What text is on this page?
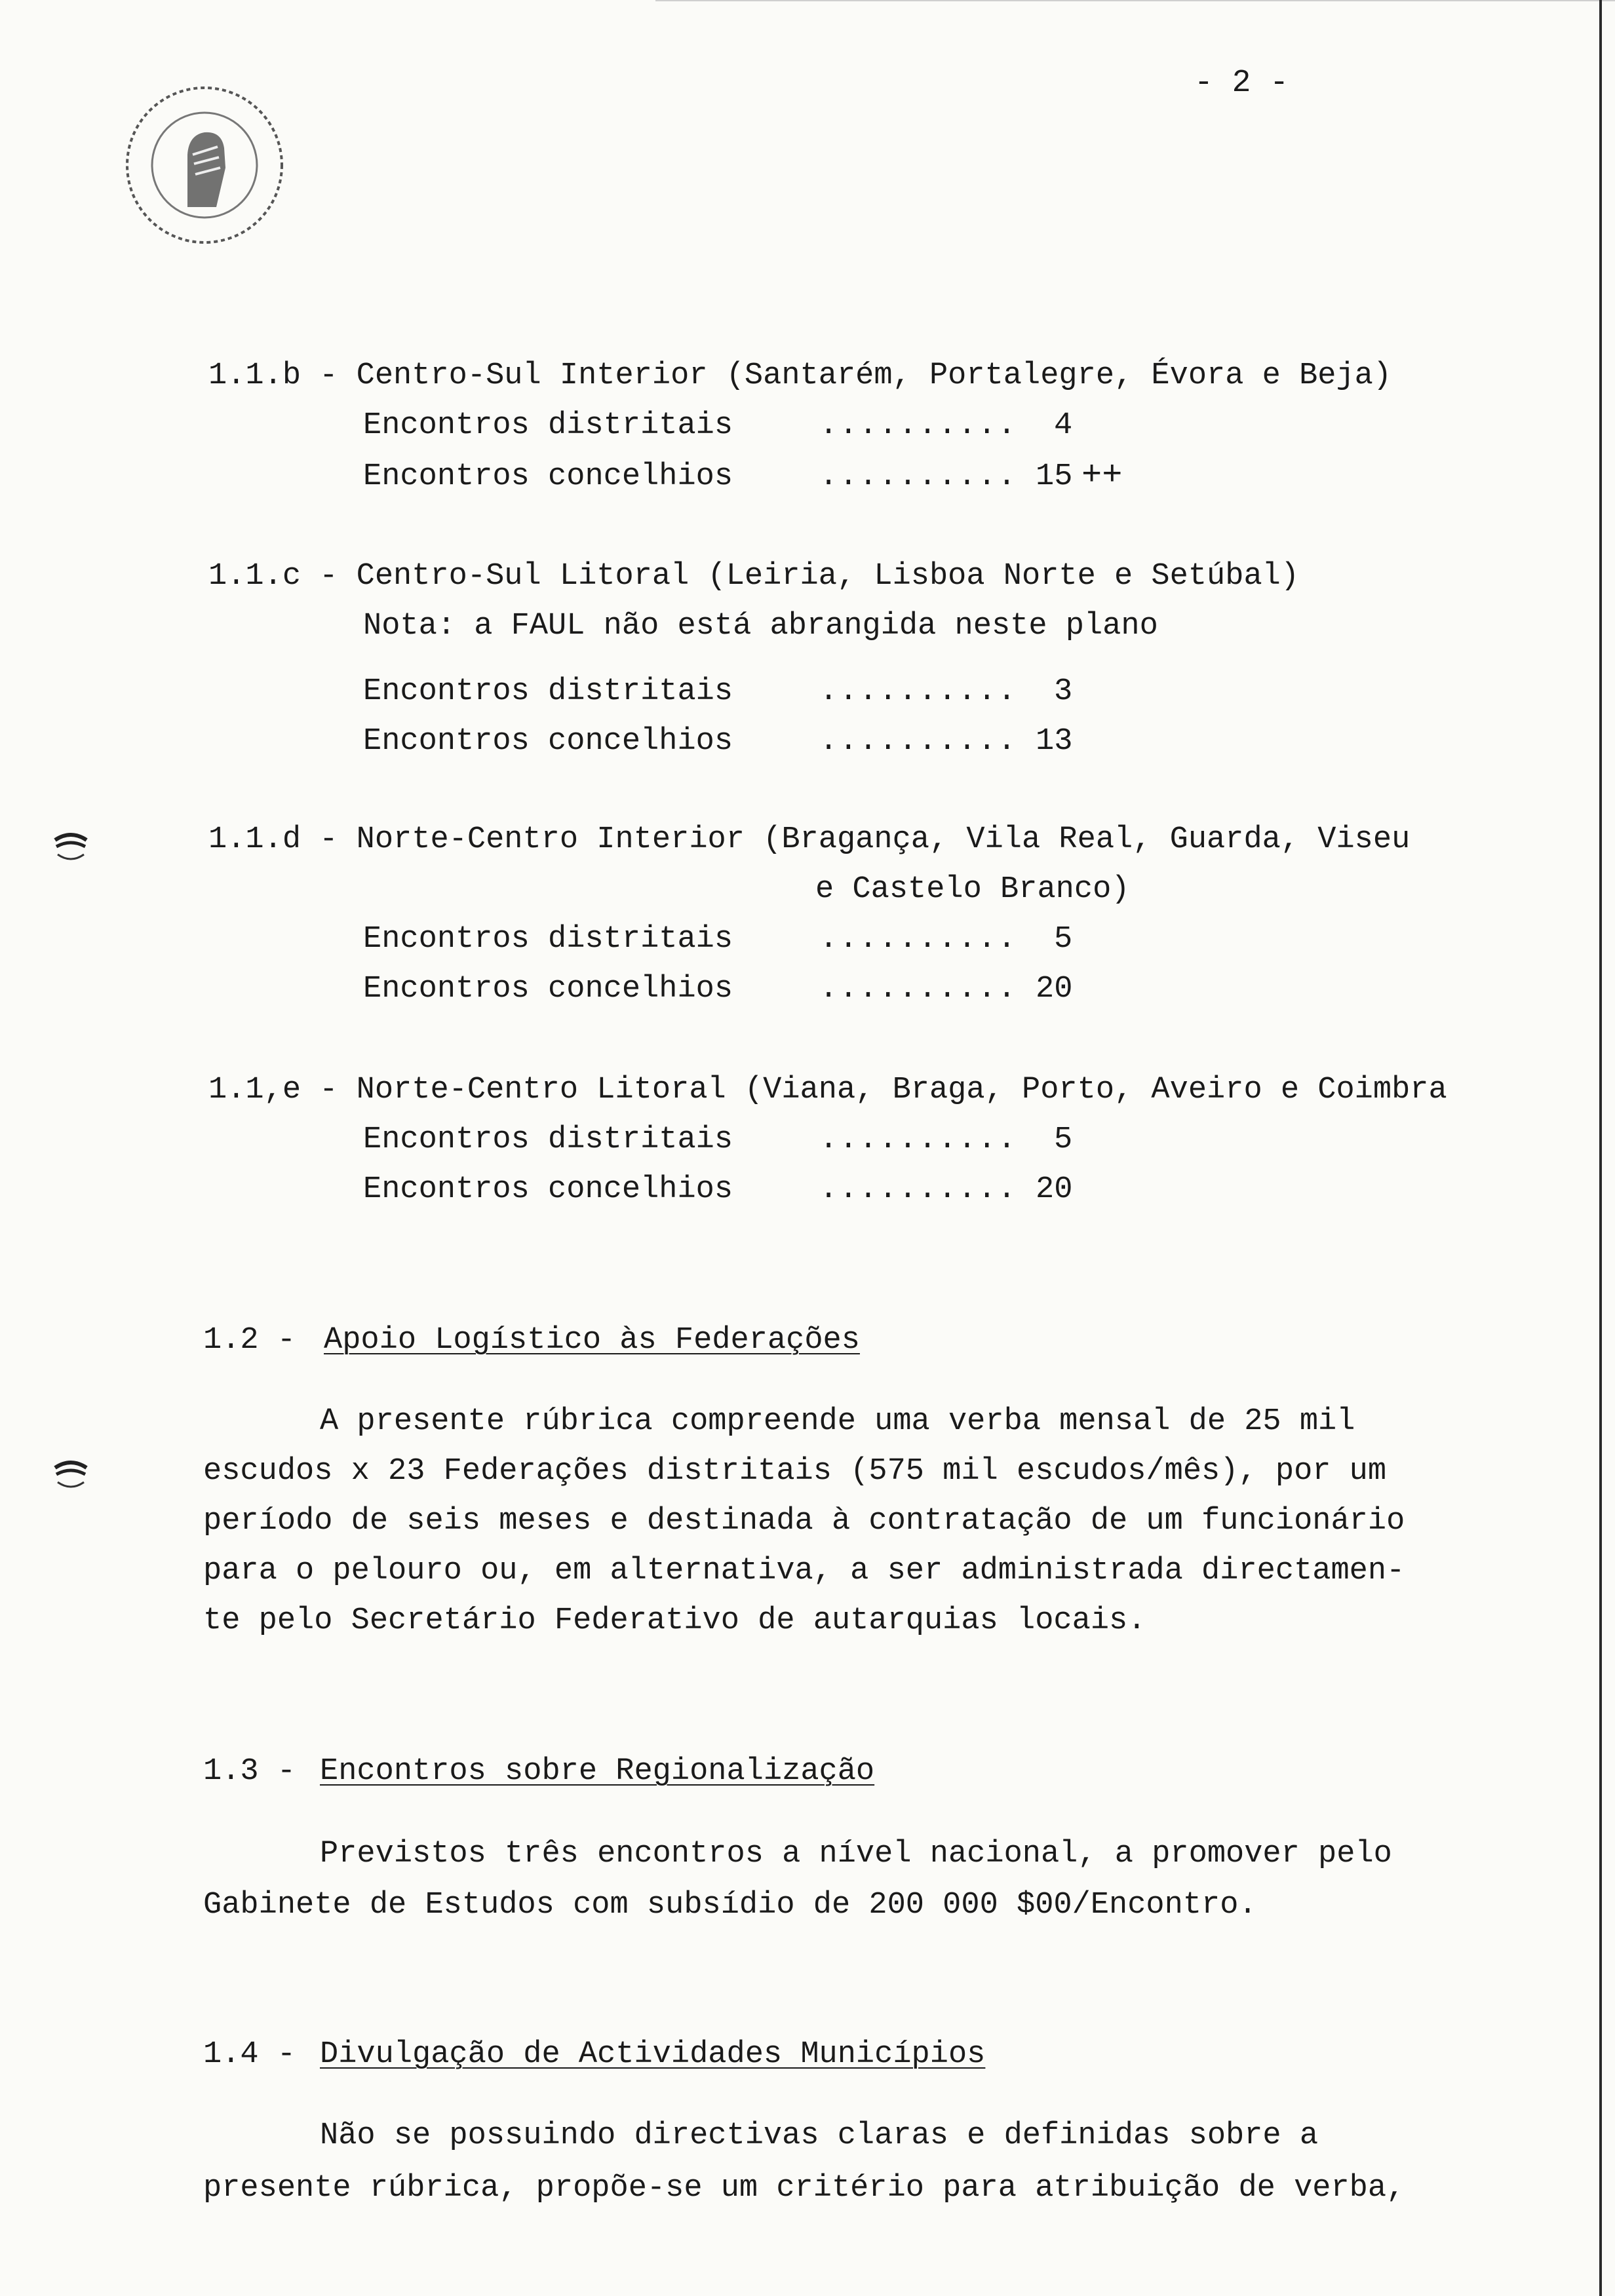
- 2 -
1.1.b - Centro-Sul Interior (Santarém, Portalegre, Évora e Beja)
Encontros distritais	.......... 4
Encontros concelhios	.......... 15 ++
1.1.c - Centro-Sul Litoral (Leiria, Lisboa Norte e Setúbal)
Nota: a FAUL não está abrangida neste plano
Encontros distritais	.......... 3
Encontros concelhios	.......... 13
1.1.d - Norte-Centro Interior (Bragança, Vila Real, Guarda, Viseu
e Castelo Branco)
Encontros distritais	.......... 5
Encontros concelhios	.......... 20
1.1,e - Norte-Centro Litoral (Viana, Braga, Porto, Aveiro e Coimbra
Encontros distritais	.......... 5
Encontros concelhios	.......... 20
1.2 - Apoio Logístico às Federações
A presente rúbrica compreende uma verba mensal de 25 mil
escudos x 23 Federações distritais (575 mil escudos/mês), por um
período de seis meses e destinada à contratação de um funcionário
para o pelouro ou, em alternativa, a ser administrada directamen-
te pelo Secretário Federativo de autarquias locais.
1.3 - Encontros sobre Regionalização
Previstos três encontros a nível nacional, a promover pelo
Gabinete de Estudos com subsídio de 200 000 $00/Encontro.
1.4 - Divulgação de Actividades Municípios
Não se possuindo directivas claras e definidas sobre a
presente rúbrica, propõe-se um critério para atribuição de verba,
